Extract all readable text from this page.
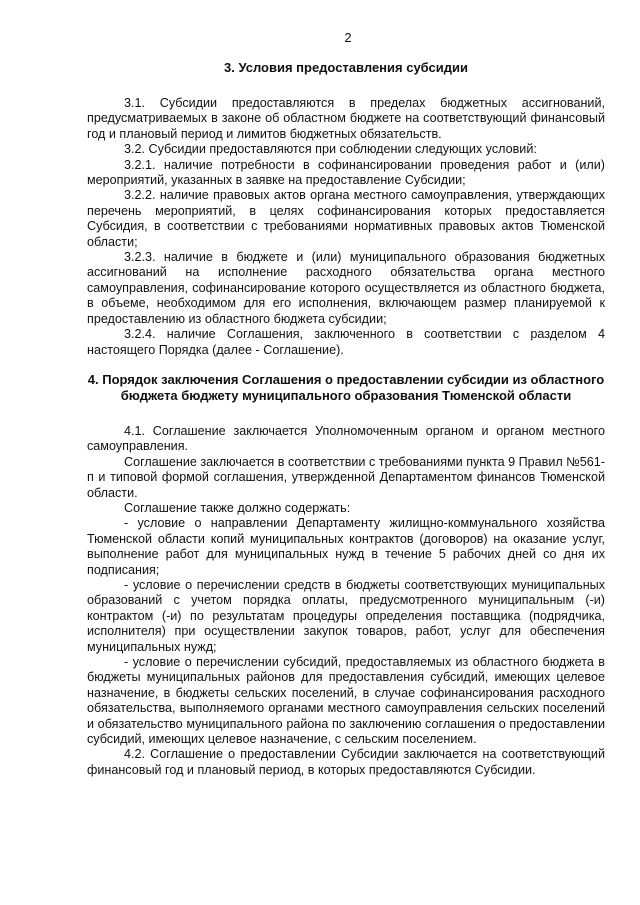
2
3. Условия предоставления субсидии

3.1. Субсидии предоставляются в пределах бюджетных ассигнований, предусматриваемых в законе об областном бюджете на соответствующий финансовый год и плановый период и лимитов бюджетных обязательств.

3.2. Субсидии предоставляются при соблюдении следующих условий:

3.2.1. наличие потребности в софинансировании проведения работ и (или) мероприятий, указанных в заявке на предоставление Субсидии;

3.2.2. наличие правовых актов органа местного самоуправления, утверждающих перечень мероприятий, в целях софинансирования которых предоставляется Субсидия, в соответствии с требованиями нормативных правовых актов Тюменской области;

3.2.3. наличие в бюджете и (или) муниципального образования бюджетных ассигнований на исполнение расходного обязательства органа местного самоуправления, софинансирование которого осуществляется из областного бюджета, в объеме, необходимом для его исполнения, включающем размер планируемой к предоставлению из областного бюджета субсидии;

3.2.4. наличие Соглашения, заключенного в соответствии с разделом 4 настоящего Порядка (далее - Соглашение).

4. Порядок заключения Соглашения о предоставлении субсидии из областного бюджета бюджету муниципального образования Тюменской области

4.1. Соглашение заключается Уполномоченным органом и органом местного самоуправления.

Соглашение заключается в соответствии с требованиями пункта 9 Правил №561-п и типовой формой соглашения, утвержденной Департаментом финансов Тюменской области.

Соглашение также должно содержать:

- условие о направлении Департаменту жилищно-коммунального хозяйства Тюменской области копий муниципальных контрактов (договоров) на оказание услуг, выполнение работ для муниципальных нужд в течение 5 рабочих дней со дня их подписания;

- условие о перечислении средств в бюджеты соответствующих муниципальных образований с учетом порядка оплаты, предусмотренного муниципальным (-и) контрактом (-и) по результатам процедуры определения поставщика (подрядчика, исполнителя) при осуществлении закупок товаров, работ, услуг для обеспечения муниципальных нужд;

- условие о перечислении субсидий, предоставляемых из областного бюджета в бюджеты муниципальных районов для предоставления субсидий, имеющих целевое назначение, в бюджеты сельских поселений, в случае софинансирования расходного обязательства, выполняемого органами местного самоуправления сельских поселений и обязательство муниципального района по заключению соглашения о предоставлении субсидий, имеющих целевое назначение, с сельским поселением.

4.2. Соглашение о предоставлении Субсидии заключается на соответствующий финансовый год и плановый период, в которых предоставляются Субсидии.
